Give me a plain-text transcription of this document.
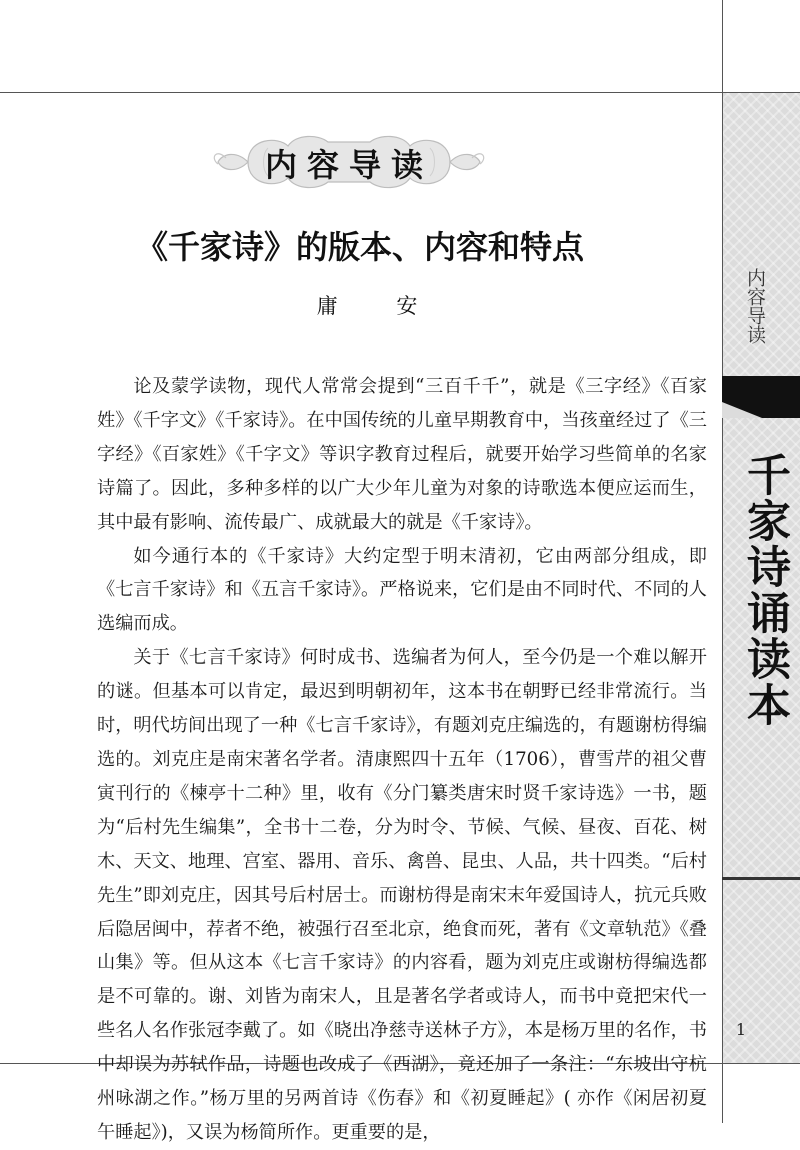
内容导读
千家诗诵读本
1
内容导读
《千家诗》的版本、内容和特点
庸 安

论及蒙学读物，现代人常常会提到“三百千千”，就是《三字经》《百家姓》《千字文》《千家诗》。在中国传统的儿童早期教育中，当孩童经过了《三字经》《百家姓》《千字文》等识字教育过程后，就要开始学习些简单的名家诗篇了。因此，多种多样的以广大少年儿童为对象的诗歌选本便应运而生，其中最有影响、流传最广、成就最大的就是《千家诗》。

如今通行本的《千家诗》大约定型于明末清初，它由两部分组成，即《七言千家诗》和《五言千家诗》。严格说来，它们是由不同时代、不同的人选编而成。

关于《七言千家诗》何时成书、选编者为何人，至今仍是一个难以解开的谜。但基本可以肯定，最迟到明朝初年，这本书在朝野已经非常流行。当时，明代坊间出现了一种《七言千家诗》，有题刘克庄编选的，有题谢枋得编选的。刘克庄是南宋著名学者。清康熙四十五年（1706），曹雪芹的祖父曹寅刊行的《楝亭十二种》里，收有《分门纂类唐宋时贤千家诗选》一书，题为“后村先生编集”，全书十二卷，分为时令、节候、气候、昼夜、百花、树木、天文、地理、宫室、器用、音乐、禽兽、昆虫、人品，共十四类。“后村先生”即刘克庄，因其号后村居士。而谢枋得是南宋末年爱国诗人，抗元兵败后隐居闽中，荐者不绝，被强行召至北京，绝食而死，著有《文章轨范》《叠山集》等。但从这本《七言千家诗》的内容看，题为刘克庄或谢枋得编选都是不可靠的。谢、刘皆为南宋人，且是著名学者或诗人，而书中竟把宋代一些名人名作张冠李戴了。如《晓出净慈寺送林子方》，本是杨万里的名作，书中却误为苏轼作品，诗题也改成了《西湖》，竟还加了一条注：“东坡出守杭州咏湖之作。”杨万里的另两首诗《伤春》和《初夏睡起》( 亦作《闲居初夏午睡起》)，又误为杨简所作。更重要的是，
